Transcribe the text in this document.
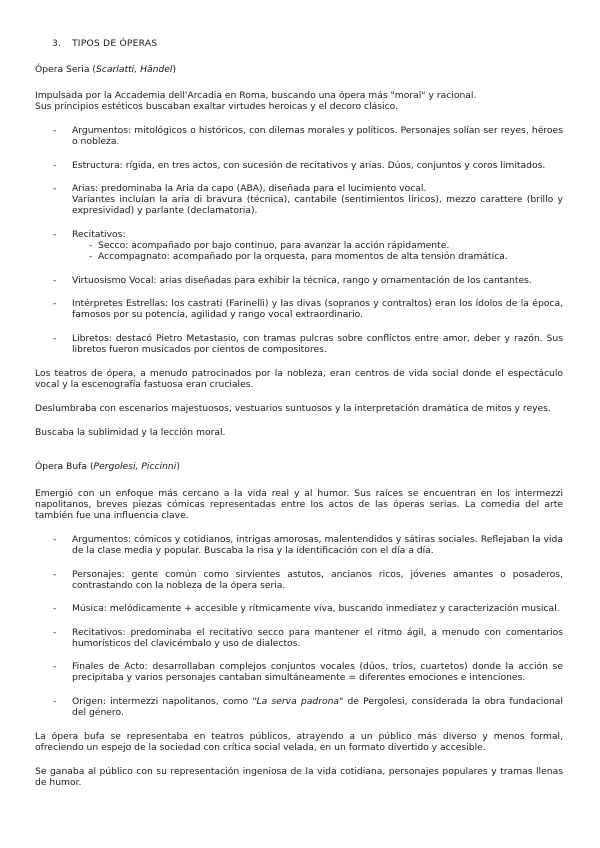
3. TIPOS DE ÓPERAS
Ópera Seria (Scarlatti, Händel)
Impulsada por la Accademia dell'Arcadia en Roma, buscando una ópera más "moral" y racional.
Sus principios estéticos buscaban exaltar virtudes heroicas y el decoro clásico.
- Argumentos: mitológicos o históricos, con dilemas morales y políticos. Personajes solían ser reyes, héroes o nobleza.
- Estructura: rígida, en tres actos, con sucesión de recitativos y arias. Dúos, conjuntos y coros limitados.
- Arias: predominaba la Aria da capo (ABA), diseñada para el lucimiento vocal.
Variantes incluían la aria di bravura (técnica), cantabile (sentimientos líricos), mezzo carattere (brillo y expresividad) y parlante (declamatoria).
- Recitativos:
- Secco: acompañado por bajo continuo, para avanzar la acción rápidamente.
- Accompagnato: acompañado por la orquesta, para momentos de alta tensión dramática.
- Virtuosismo Vocal: arias diseñadas para exhibir la técnica, rango y ornamentación de los cantantes.
- Intérpretes Estrellas: los castrati (Farinelli) y las divas (sopranos y contraltos) eran los ídolos de la época, famosos por su potencia, agilidad y rango vocal extraordinario.
- Libretos: destacó Pietro Metastasio, con tramas pulcras sobre conflictos entre amor, deber y razón. Sus libretos fueron musicados por cientos de compositores.
Los teatros de ópera, a menudo patrocinados por la nobleza, eran centros de vida social donde el espectáculo vocal y la escenografía fastuosa eran cruciales.
Deslumbraba con escenarios majestuosos, vestuarios suntuosos y la interpretación dramática de mitos y reyes.
Buscaba la sublimidad y la lección moral.
Ópera Bufa (Pergolesi, Piccinni)
Emergió con un enfoque más cercano a la vida real y al humor. Sus raíces se encuentran en los intermezzi napolitanos, breves piezas cómicas representadas entre los actos de las óperas serias. La comedia del arte también fue una influencia clave.
- Argumentos: cómicos y cotidianos, intrigas amorosas, malentendidos y sátiras sociales. Reflejaban la vida de la clase media y popular. Buscaba la risa y la identificación con el día a día.
- Personajes: gente común como sirvientes astutos, ancianos ricos, jóvenes amantes o posaderos, contrastando con la nobleza de la ópera seria.
- Música: melódicamente + accesible y rítmicamente viva, buscando inmediatez y caracterización musical.
- Recitativos: predominaba el recitativo secco para mantener el ritmo ágil, a menudo con comentarios humorísticos del clavicémbalo y uso de dialectos.
- Finales de Acto: desarrollaban complejos conjuntos vocales (dúos, tríos, cuartetos) donde la acción se precipitaba y varios personajes cantaban simultáneamente = diferentes emociones e intenciones.
- Origen: intermezzi napolitanos, como "La serva padrona" de Pergolesi, considerada la obra fundacional del género.
La ópera bufa se representaba en teatros públicos, atrayendo a un público más diverso y menos formal, ofreciendo un espejo de la sociedad con crítica social velada, en un formato divertido y accesible.
Se ganaba al público con su representación ingeniosa de la vida cotidiana, personajes populares y tramas llenas de humor.
